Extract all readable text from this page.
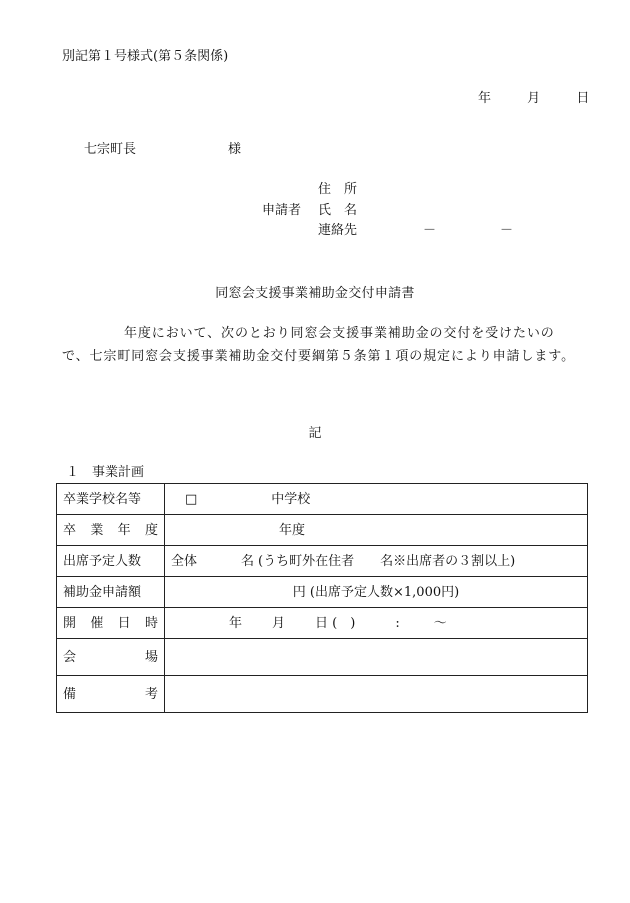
別記第１号様式(第５条関係)
年	月	日
七宗町長	様
申請者
住　所
氏　名
連絡先	－	－
同窓会支援事業補助金交付申請書
年度において、次のとおり同窓会支援事業補助金の交付を受けたいので、七宗町同窓会支援事業補助金交付要綱第５条第１項の規定により申請します。
記
１　事業計画
卒業学校名等	□ 中学校

卒 業 年 度	年度
出席予定人数	全体 名 (うち町外在住者　　名※出席者の３割以上)
補助金申請額	円 (出席予定人数×1,000円)

開 催 日 時	年 月 日 (　) : ～

会 場	

備 考	
